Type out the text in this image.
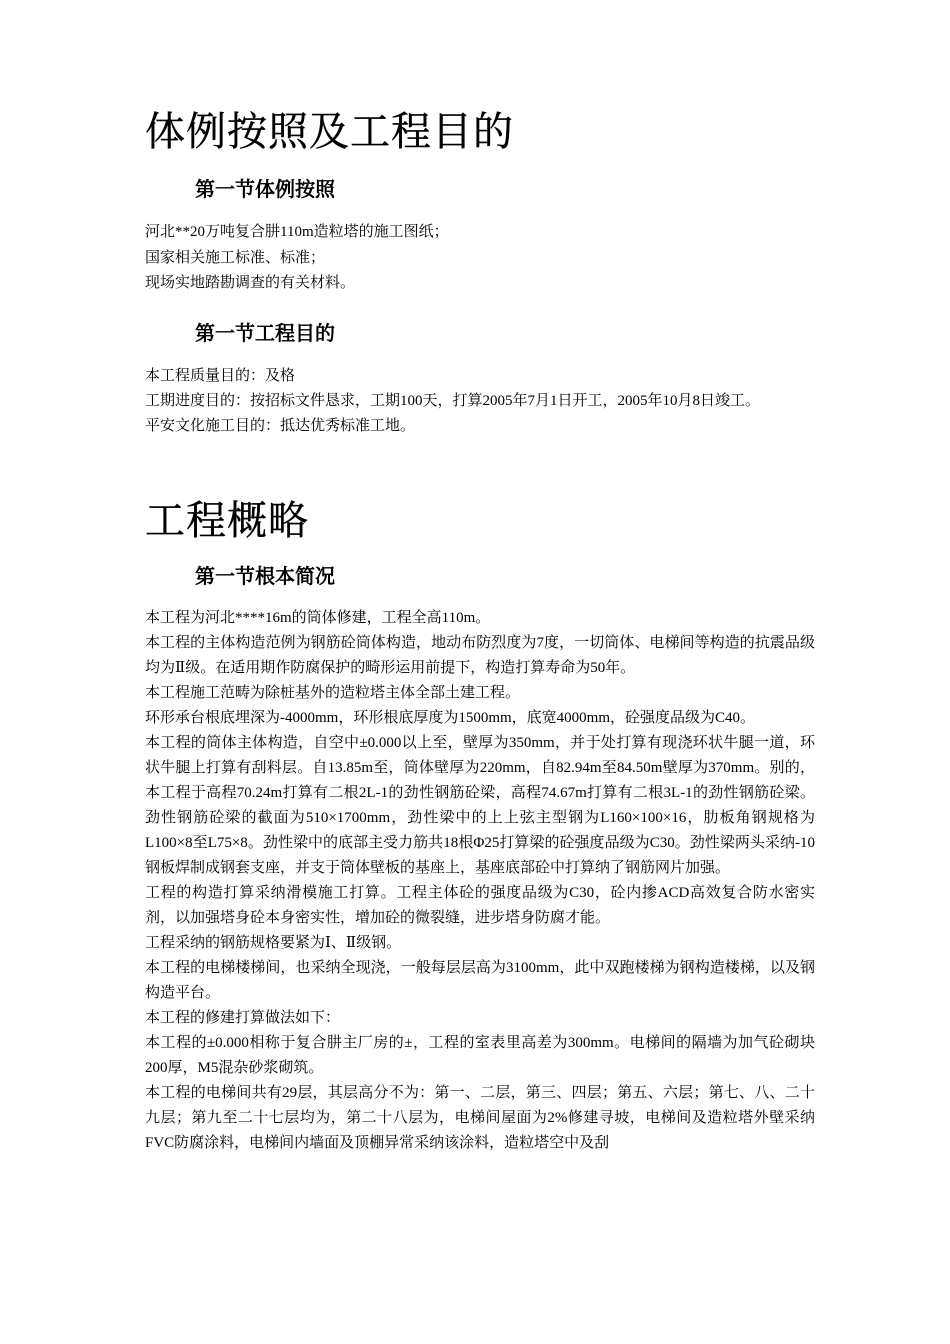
体例按照及工程目的
第一节体例按照
河北**20万吨复合肼110m造粒塔的施工图纸；
国家相关施工标准、标准；
现场实地踏勘调查的有关材料。
第一节工程目的
本工程质量目的：及格
工期进度目的：按招标文件恳求，工期100天，打算2005年7月1日开工，2005年10月8日竣工。
平安文化施工目的：抵达优秀标准工地。
工程概略
第一节根本简况
本工程为河北****16m的筒体修建，工程全高110m。
本工程的主体构造范例为钢筋砼筒体构造，地动布防烈度为7度，一切筒体、电梯间等构造的抗震品级均为Ⅱ级。在适用期作防腐保护的畸形运用前提下，构造打算寿命为50年。
本工程施工范畴为除桩基外的造粒塔主体全部土建工程。
环形承台根底埋深为-4000mm，环形根底厚度为1500mm，底宽4000mm，砼强度品级为C40。
本工程的筒体主体构造，自空中±0.000以上至，壁厚为350mm，并于处打算有现浇环状牛腿一道，环状牛腿上打算有刮料层。自13.85m至，筒体壁厚为220mm，自82.94m至84.50m壁厚为370mm。别的，本工程于高程70.24m打算有二根2L-1的劲性钢筋砼梁，高程74.67m打算有二根3L-1的劲性钢筋砼梁。劲性钢筋砼梁的截面为510×1700mm，劲性梁中的上上弦主型钢为L160×100×16，肋板角钢规格为L100×8至L75×8。劲性梁中的底部主受力筋共18根Φ25打算梁的砼强度品级为C30。劲性梁两头采纳-10钢板焊制成钢套支座，并支于筒体壁板的基座上，基座底部砼中打算纳了钢筋网片加强。
工程的构造打算采纳滑模施工打算。工程主体砼的强度品级为C30，砼内掺ACD高效复合防水密实剂，以加强塔身砼本身密实性，增加砼的微裂缝，进步塔身防腐才能。
工程采纳的钢筋规格要紧为Ⅰ、Ⅱ级钢。
本工程的电梯楼梯间，也采纳全现浇，一般每层层高为3100mm，此中双跑楼梯为钢构造楼梯，以及钢构造平台。
本工程的修建打算做法如下：
本工程的±0.000相称于复合肼主厂房的±，工程的室表里高差为300mm。电梯间的隔墙为加气砼砌块200厚，M5混杂砂浆砌筑。
本工程的电梯间共有29层，其层高分不为：第一、二层，第三、四层；第五、六层；第七、八、二十九层；第九至二十七层均为，第二十八层为，电梯间屋面为2%修建寻坡，电梯间及造粒塔外壁采纳FVC防腐涂料，电梯间内墙面及顶棚异常采纳该涂料，造粒塔空中及刮
